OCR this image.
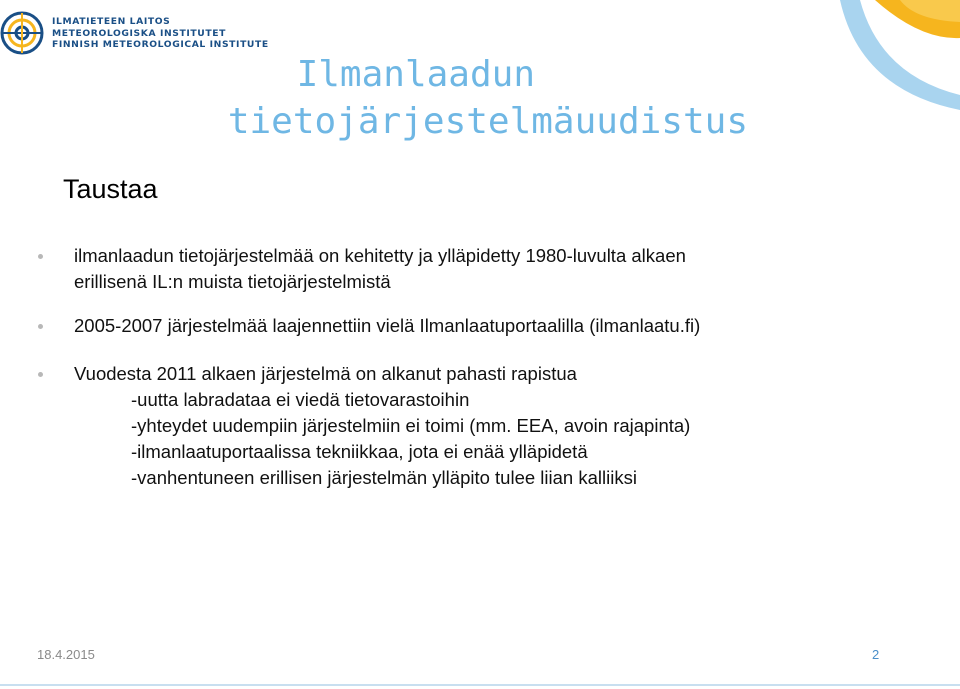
ILMATIETEEN LAITOS
METEOROLOGISKA INSTITUTET
FINNISH METEOROLOGICAL INSTITUTE
Ilmanlaadun
tietojärjestelmäuudistus
Taustaa
ilmanlaadun tietojärjestelmää on kehitetty ja ylläpidetty 1980-luvulta alkaen
erillisenä IL:n muista tietojärjestelmistä
2005-2007 järjestelmää laajennettiin vielä Ilmanlaatuportaalilla (ilmanlaatu.fi)
Vuodesta 2011 alkaen järjestelmä on alkanut pahasti rapistua
-uutta labradataa ei viedä tietovarastoihin
-yhteydet uudempiin järjestelmiin ei toimi (mm. EEA, avoin rajapinta)
-ilmanlaatuportaalissa tekniikkaa, jota ei enää ylläpidetä
-vanhentuneen erillisen järjestelmän ylläpito tulee liian kalliiksi
18.4.2015	2
